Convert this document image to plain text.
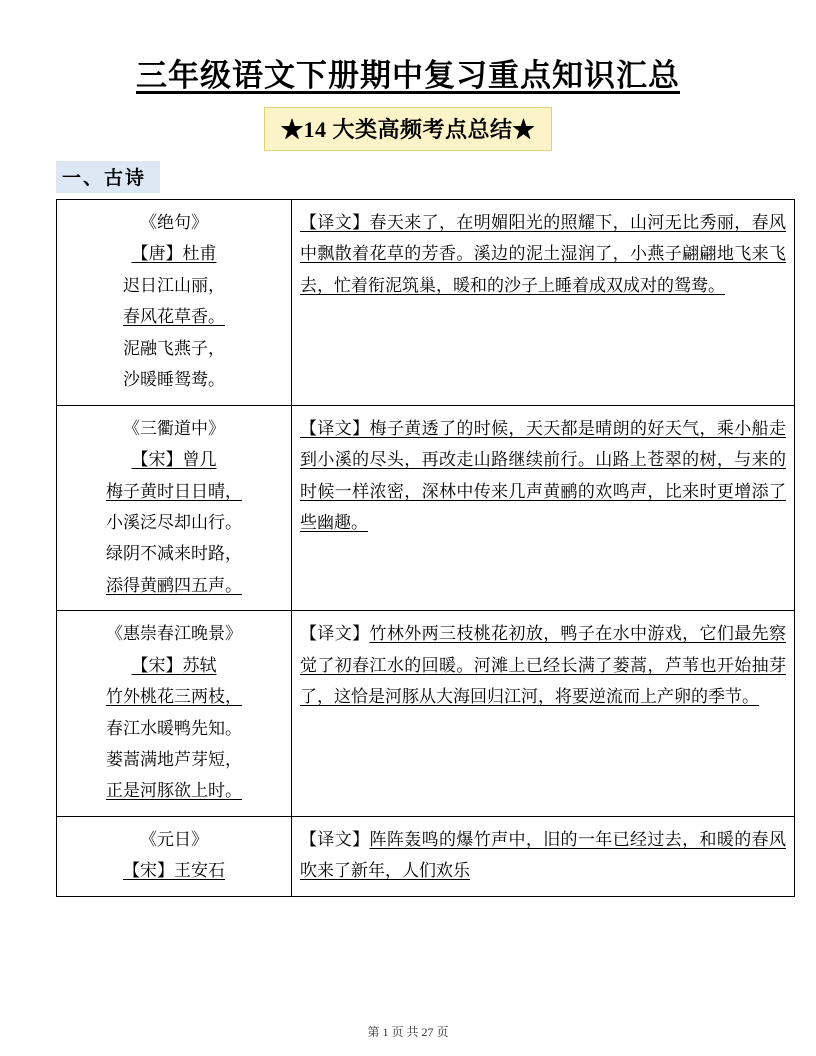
三年级语文下册期中复习重点知识汇总
★14 大类高频考点总结★
一、古诗
《绝句》
【唐】杜甫
迟日江山丽，
春风花草香。
泥融飞燕子，
沙暖睡鸳鸯。
	【译文】春天来了，在明媚阳光的照耀下，山河无比秀丽，春风中飘散着花草的芳香。溪边的泥土湿润了，小燕子翩翩地飞来飞去，忙着衔泥筑巢，暖和的沙子上睡着成双成对的鸳鸯。

《三衢道中》
【宋】曾几
梅子黄时日日晴，
小溪泛尽却山行。
绿阴不减来时路，
添得黄鹂四五声。
	【译文】梅子黄透了的时候，天天都是晴朗的好天气，乘小船走到小溪的尽头，再改走山路继续前行。山路上苍翠的树，与来的时候一样浓密，深林中传来几声黄鹂的欢鸣声，比来时更增添了些幽趣。

《惠崇春江晚景》
【宋】苏轼
竹外桃花三两枝，
春江水暖鸭先知。
蒌蒿满地芦芽短，
正是河豚欲上时。
	【译文】竹林外两三枝桃花初放，鸭子在水中游戏，它们最先察觉了初春江水的回暖。河滩上已经长满了蒌蒿，芦苇也开始抽芽了，这恰是河豚从大海回归江河，将要逆流而上产卵的季节。

《元日》
【宋】王安石	【译文】阵阵轰鸣的爆竹声中，旧的一年已经过去，和暖的春风吹来了新年，人们欢乐
第 1 页 共 27 页
